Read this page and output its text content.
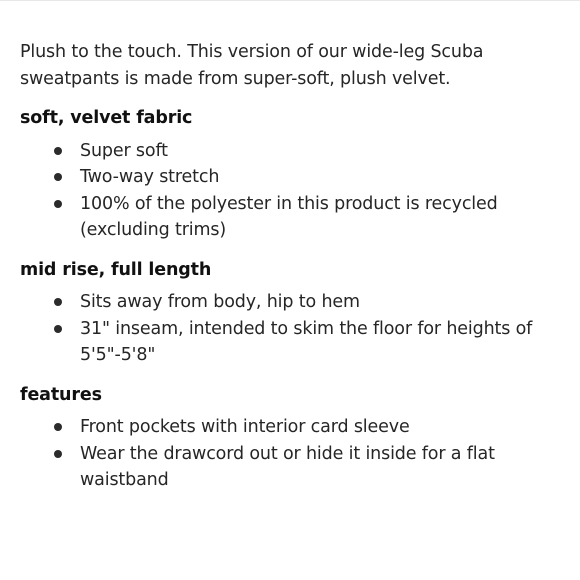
Plush to the touch. This version of our wide-leg Scuba sweatpants is made from super-soft, plush velvet.

soft, velvet fabric
Super soft
Two-way stretch
100% of the polyester in this product is recycled (excluding trims)
mid rise, full length
Sits away from body, hip to hem
31" inseam, intended to skim the floor for heights of 5'5"-5'8"
features
Front pockets with interior card sleeve
Wear the drawcord out or hide it inside for a flat waistband
